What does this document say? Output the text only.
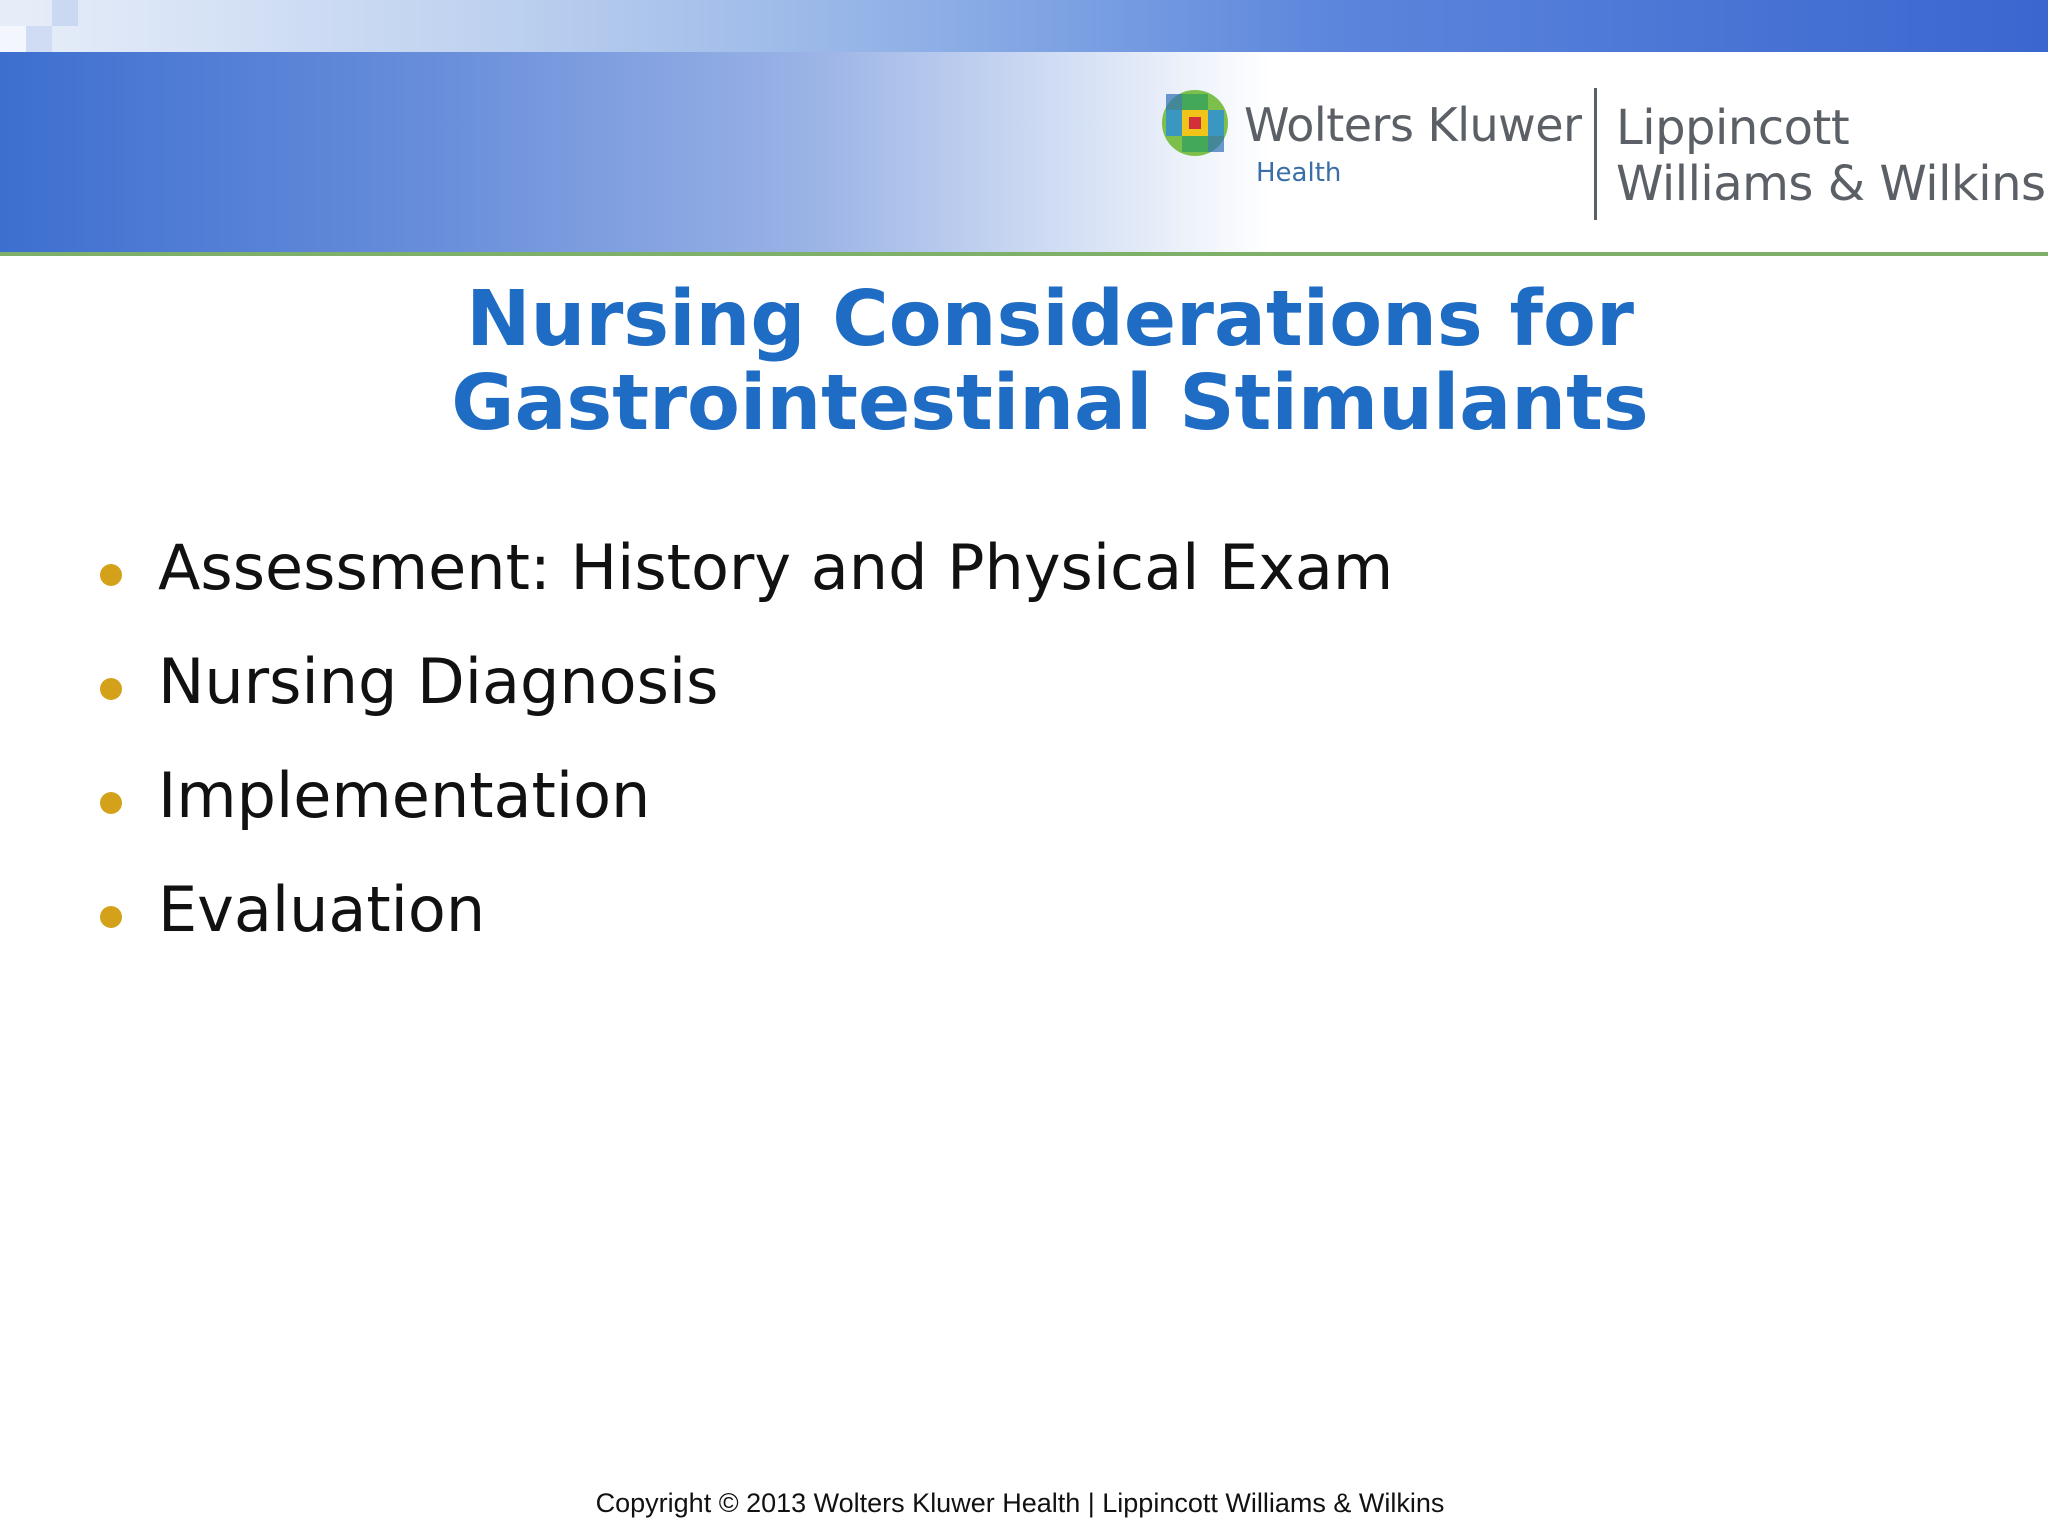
Wolters Kluwer
Health
Lippincott
Williams & Wilkins
Nursing Considerations for
Gastrointestinal Stimulants
Assessment: History and Physical Exam
Nursing Diagnosis
Implementation
Evaluation
Copyright © 2013 Wolters Kluwer Health | Lippincott Williams & Wilkins
